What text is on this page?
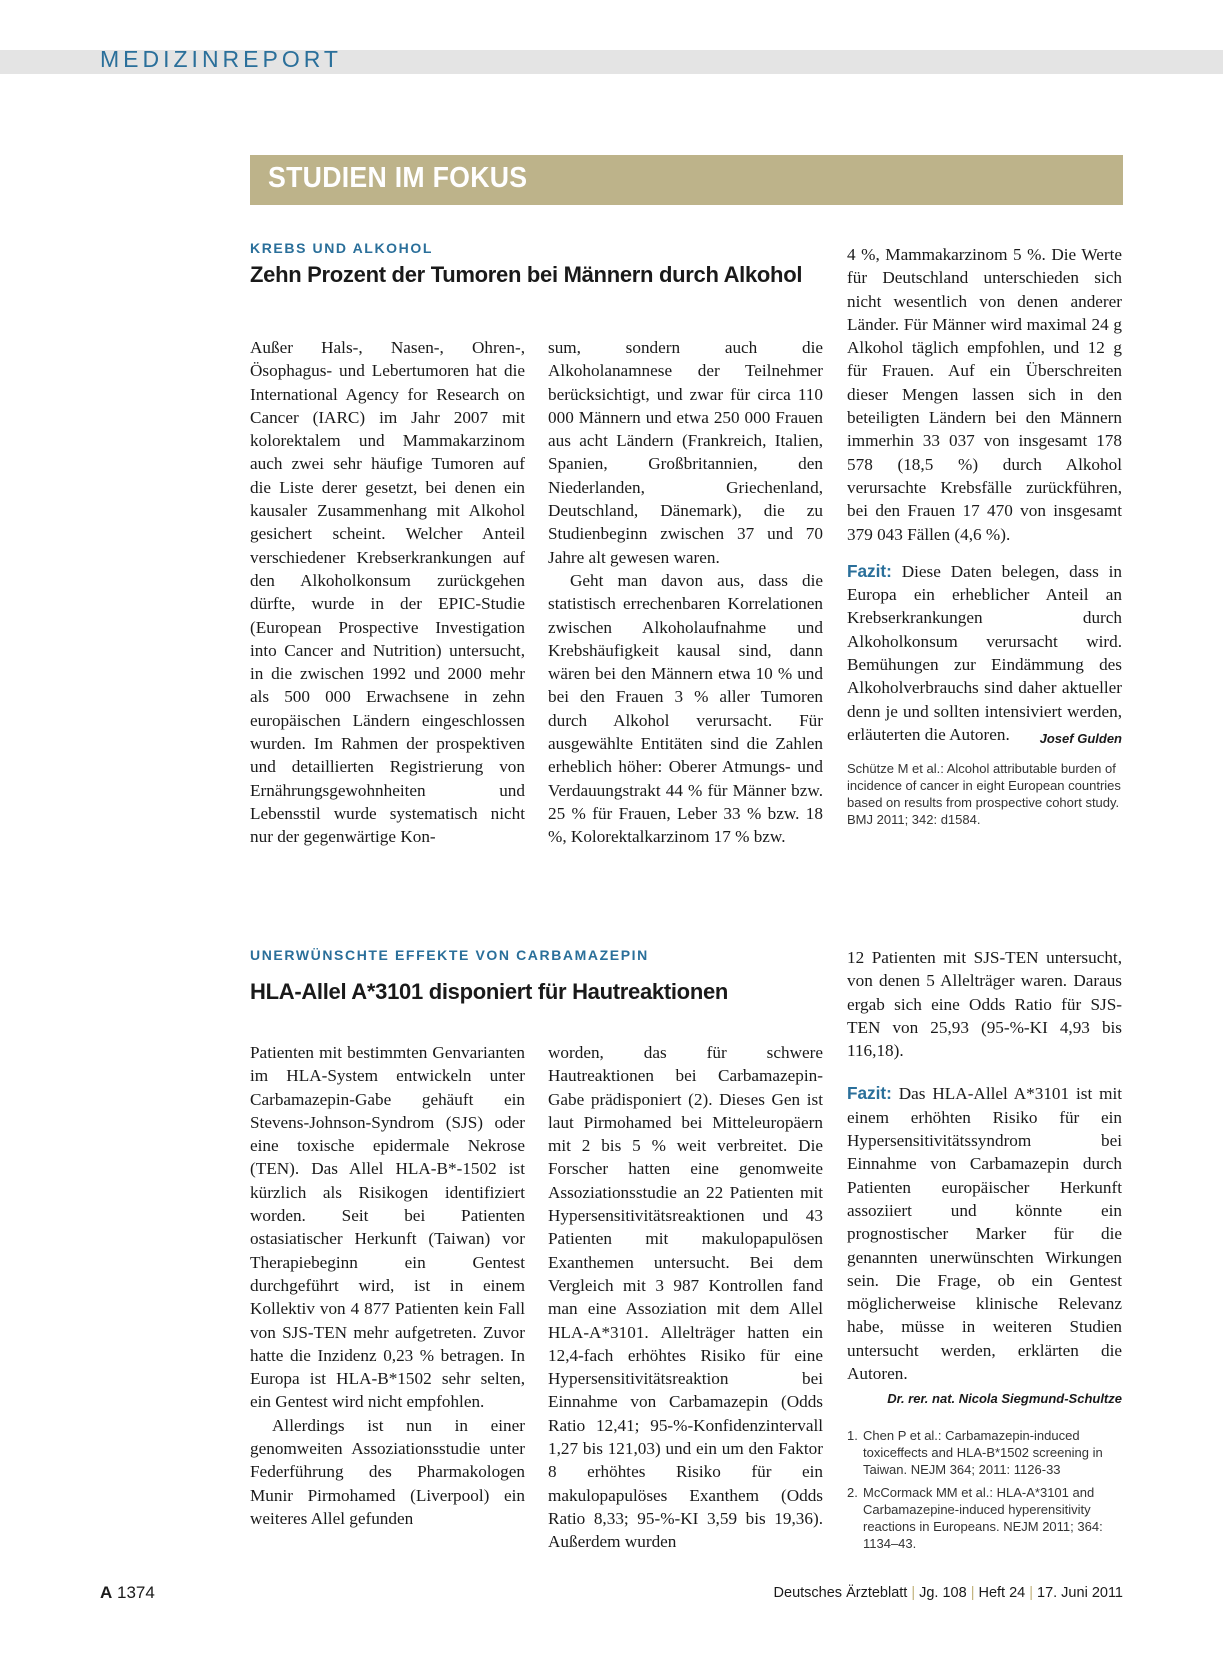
MEDIZINREPORT
STUDIEN IM FOKUS
KREBS UND ALKOHOL
Zehn Prozent der Tumoren bei Männern durch Alkohol

Außer Hals-, Nasen-, Ohren-, Ösophagus- und Lebertumoren hat die International Agency for Research on Cancer (IARC) im Jahr 2007 mit kolorektalem und Mammakarzinom auch zwei sehr häufige Tumoren auf die Liste derer gesetzt, bei denen ein kausaler Zusammenhang mit Alkohol gesichert scheint. Welcher Anteil verschiedener Krebserkrankungen auf den Alkoholkonsum zurückgehen dürfte, wurde in der EPIC-Studie (European Prospective Investigation into Cancer and Nutrition) untersucht, in die zwischen 1992 und 2000 mehr als 500 000 Erwachsene in zehn europäischen Ländern eingeschlossen wurden. Im Rahmen der prospektiven und detaillierten Registrierung von Ernährungsgewohnheiten und Lebensstil wurde systematisch nicht nur der gegenwärtige Kon-

sum, sondern auch die Alkoholanamnese der Teilnehmer berücksichtigt, und zwar für circa 110 000 Männern und etwa 250 000 Frauen aus acht Ländern (Frankreich, Italien, Spanien, Großbritannien, den Niederlanden, Griechenland, Deutschland, Dänemark), die zu Studienbeginn zwischen 37 und 70 Jahre alt gewesen waren.

Geht man davon aus, dass die statistisch errechenbaren Korrelationen zwischen Alkoholaufnahme und Krebshäufigkeit kausal sind, dann wären bei den Männern etwa 10 % und bei den Frauen 3 % aller Tumoren durch Alkohol verursacht. Für ausgewählte Entitäten sind die Zahlen erheblich höher: Oberer Atmungs- und Verdauungstrakt 44 % für Männer bzw. 25 % für Frauen, Leber 33 % bzw. 18 %, Kolorektalkarzinom 17 % bzw.

4 %, Mammakarzinom 5 %. Die Werte für Deutschland unterschieden sich nicht wesentlich von denen anderer Länder. Für Männer wird maximal 24 g Alkohol täglich empfohlen, und 12 g für Frauen. Auf ein Überschreiten dieser Mengen lassen sich in den beteiligten Ländern bei den Männern immerhin 33 037 von insgesamt 178 578 (18,5 %) durch Alkohol verursachte Krebsfälle zurückführen, bei den Frauen 17 470 von insgesamt 379 043 Fällen (4,6 %).

Fazit: Diese Daten belegen, dass in Europa ein erheblicher Anteil an Krebserkrankungen durch Alkoholkonsum verursacht wird. Bemühungen zur Eindämmung des Alkoholverbrauchs sind daher aktueller denn je und sollten intensiviert werden, erläuterten die Autoren. Josef Gulden

Schütze M et al.: Alcohol attributable burden of incidence of cancer in eight European countries based on results from prospective cohort study. BMJ 2011; 342: d1584.

UNERWÜNSCHTE EFFEKTE VON CARBAMAZEPIN
HLA-Allel A*3101 disponiert für Hautreaktionen

Patienten mit bestimmten Genvarianten im HLA-System entwickeln unter Carbamazepin-Gabe gehäuft ein Stevens-Johnson-Syndrom (SJS) oder eine toxische epidermale Nekrose (TEN). Das Allel HLA-B*-1502 ist kürzlich als Risikogen identifiziert worden. Seit bei Patienten ostasiatischer Herkunft (Taiwan) vor Therapiebeginn ein Gentest durchgeführt wird, ist in einem Kollektiv von 4 877 Patienten kein Fall von SJS-TEN mehr aufgetreten. Zuvor hatte die Inzidenz 0,23 % betragen. In Europa ist HLA-B*1502 sehr selten, ein Gentest wird nicht empfohlen.

Allerdings ist nun in einer genomweiten Assoziationsstudie unter Federführung des Pharmakologen Munir Pirmohamed (Liverpool) ein weiteres Allel gefunden

worden, das für schwere Hautreaktionen bei Carbamazepin-Gabe prädisponiert (2). Dieses Gen ist laut Pirmohamed bei Mitteleuropäern mit 2 bis 5 % weit verbreitet. Die Forscher hatten eine genomweite Assoziationsstudie an 22 Patienten mit Hypersensitivitätsreaktionen und 43 Patienten mit makulopapulösen Exanthemen untersucht. Bei dem Vergleich mit 3 987 Kontrollen fand man eine Assoziation mit dem Allel HLA-A*3101. Allelträger hatten ein 12,4-fach erhöhtes Risiko für eine Hypersensitivitätsreaktion bei Einnahme von Carbamazepin (Odds Ratio 12,41; 95-%-Konfidenzintervall 1,27 bis 121,03) und ein um den Faktor 8 erhöhtes Risiko für ein makulopapulöses Exanthem (Odds Ratio 8,33; 95-%-KI 3,59 bis 19,36). Außerdem wurden

12 Patienten mit SJS-TEN untersucht, von denen 5 Allelträger waren. Daraus ergab sich eine Odds Ratio für SJS-TEN von 25,93 (95-%-KI 4,93 bis 116,18).

Fazit: Das HLA-Allel A*3101 ist mit einem erhöhten Risiko für ein Hypersensitivitätssyndrom bei Einnahme von Carbamazepin durch Patienten europäischer Herkunft assoziiert und könnte ein prognostischer Marker für die genannten unerwünschten Wirkungen sein. Die Frage, ob ein Gentest möglicherweise klinische Relevanz habe, müsse in weiteren Studien untersucht werden, erklärten die Autoren.

Dr. rer. nat. Nicola Siegmund-Schultze
1. Chen P et al.: Carbamazepin-induced toxiceffects and HLA-B*1502 screening in Taiwan. NEJM 364; 2011: 1126-33
2. McCormack MM et al.: HLA-A*3101 and Carbamazepine-induced hyperensitivity reactions in Europeans. NEJM 2011; 364: 1134–43.
A 1374	Deutsches Ärzteblatt | Jg. 108 | Heft 24 | 17. Juni 2011
